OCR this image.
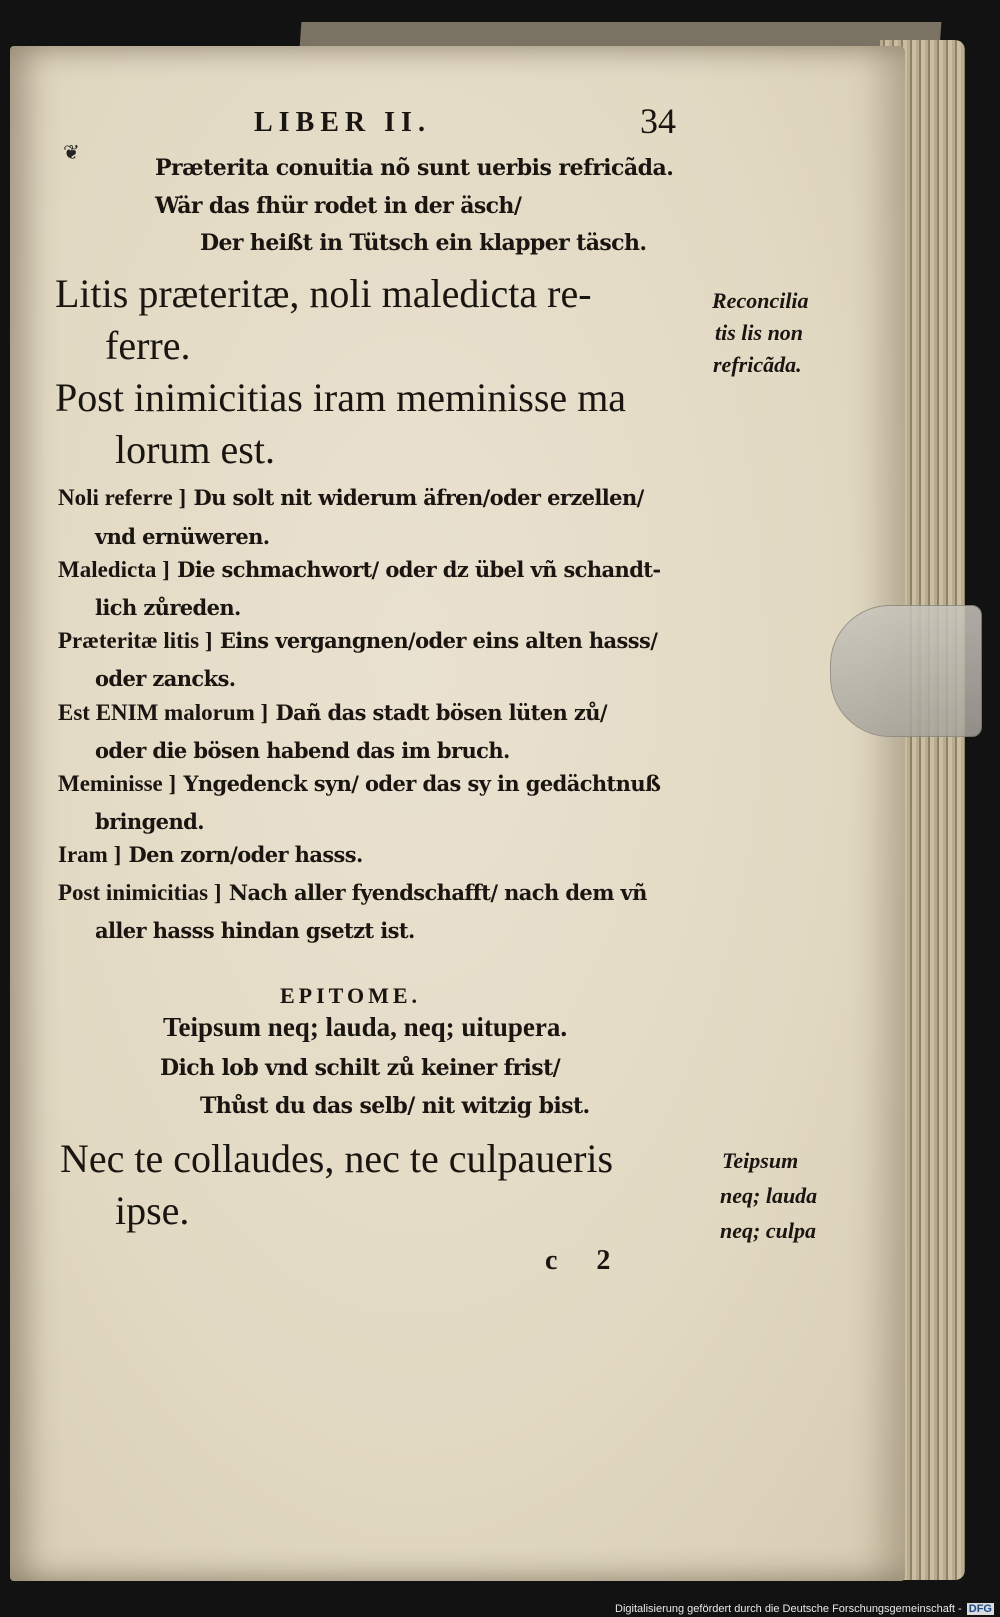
LIBER II.	34
❦
Præterita conuitia nõ sunt uerbis refricãda.
Wär das fhür rodet in der äsch/
Der heißt in Tütsch ein klapper täsch.
Litis præteritæ, noli maledicta re-
ferre.
Post inimicitias iram meminisse ma
lorum est.
Reconcilia
tis lis non
refricãda.
Noli referre ] Du solt nit widerum äfren/oder erzellen/
vnd ernüweren.
Maledicta ] Die schmachwort/ oder dz übel vñ schandt-
lich zůreden.
Præteritæ litis ] Eins vergangnen/oder eins alten hasss/
oder zancks.
Est ENIM malorum ] Dañ das stadt bösen lüten zů/
oder die bösen habend das im bruch.
Meminisse ] Yngedenck syn/ oder das sy in gedächtnuß
bringend.
Iram ] Den zorn/oder hasss.
Post inimicitias ] Nach aller fyendschafft/ nach dem vñ
aller hasss hindan gsetzt ist.
EPITOME.
Teipsum neq; lauda, neq; uitupera.
Dich lob vnd schilt zů keiner frist/
Thůst du das selb/ nit witzig bist.
Nec te collaudes, nec te culpaueris
ipse.
Teipsum
neq; lauda
neq; culpa
c 2
Digitalisierung gefördert durch die Deutsche Forschungsgemeinschaft - DFG
